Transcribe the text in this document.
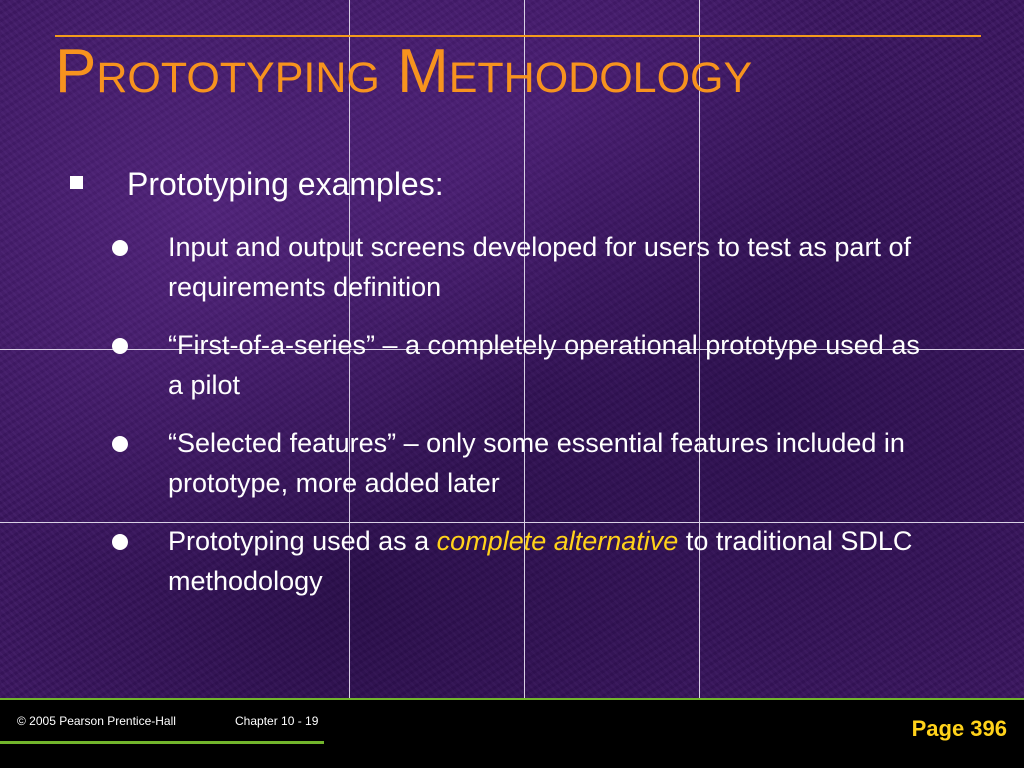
Prototyping Methodology
Prototyping examples:
Input and output screens developed for users to test as part of requirements definition
“First-of-a-series” – a completely operational prototype used as a pilot
“Selected features” – only some essential features included in prototype, more added later
Prototyping used as a complete alternative to traditional SDLC methodology
© 2005 Pearson Prentice-Hall	Chapter 10 - 19	Page 396
